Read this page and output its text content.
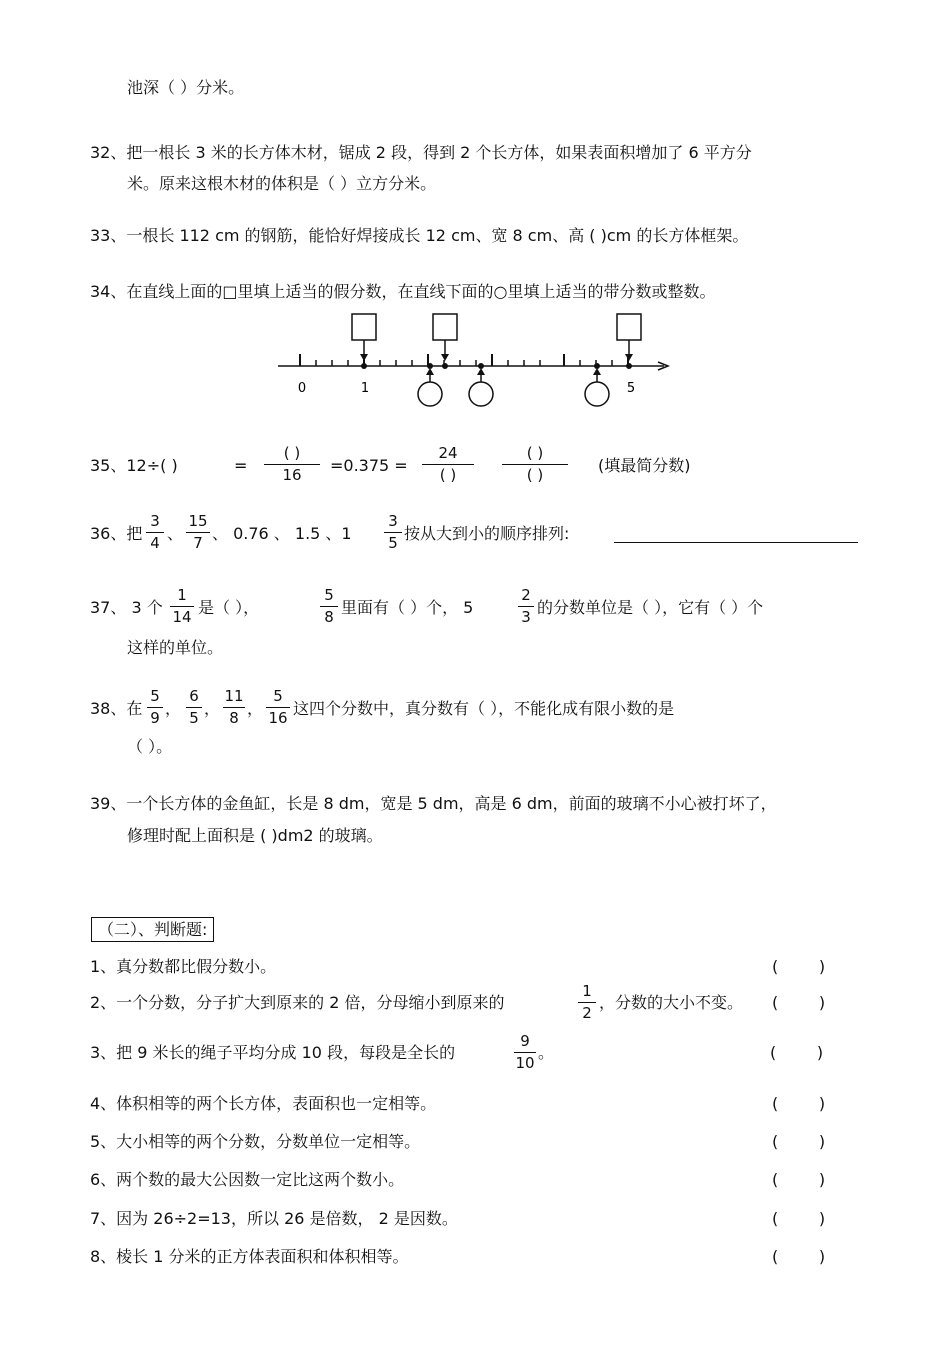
池深（ ）分米。
32、把一根长 3 米的长方体木材，锯成 2 段，得到 2 个长方体，如果表面积增加了 6 平方分
米。原来这根木材的体积是（ ）立方分米。
33、一根长 112 cm 的钢筋，能恰好焊接成长 12 cm、宽 8 cm、高 ( )cm 的长方体框架。
34、在直线上面的□里填上适当的假分数，在直线下面的○里填上适当的带分数或整数。
0	1	5
35、12÷( )	=
( )
16	=0.375 =
24
( )
( )
( )	(填最简分数)
36、把
3
4 、
15
7 、 0.76 、 1.5 、1
3
5 按从大到小的顺序排列:
37、 3 个
1
14 是（ ），
5
8 里面有（ ）个， 5
2
3 的分数单位是（ ），它有（ ）个
这样的单位。
38、在
5
9 ，
6
5 ，
11
8 ，
5
16 这四个分数中，真分数有（ ），不能化成有限小数的是
（ ）。
39、一个长方体的金鱼缸，长是 8 dm，宽是 5 dm，高是 6 dm，前面的玻璃不小心被打坏了，
修理时配上面积是 ( )dm2 的玻璃。
（二）、判断题:
1、真分数都比假分数小。	(        )
2、一个分数，分子扩大到原来的 2 倍，分母缩小到原来的
1
2
，分数的大小不变。 (        )
3、把 9 米长的绳子平均分成 10 段，每段是全长的
9
10
。	(        )
4、体积相等的两个长方体，表面积也一定相等。	(        )
5、大小相等的两个分数，分数单位一定相等。	(        )
6、两个数的最大公因数一定比这两个数小。	(        )
7、因为 26÷2=13，所以 26 是倍数， 2 是因数。	(        )
8、棱长 1 分米的正方体表面积和体积相等。	(        )
